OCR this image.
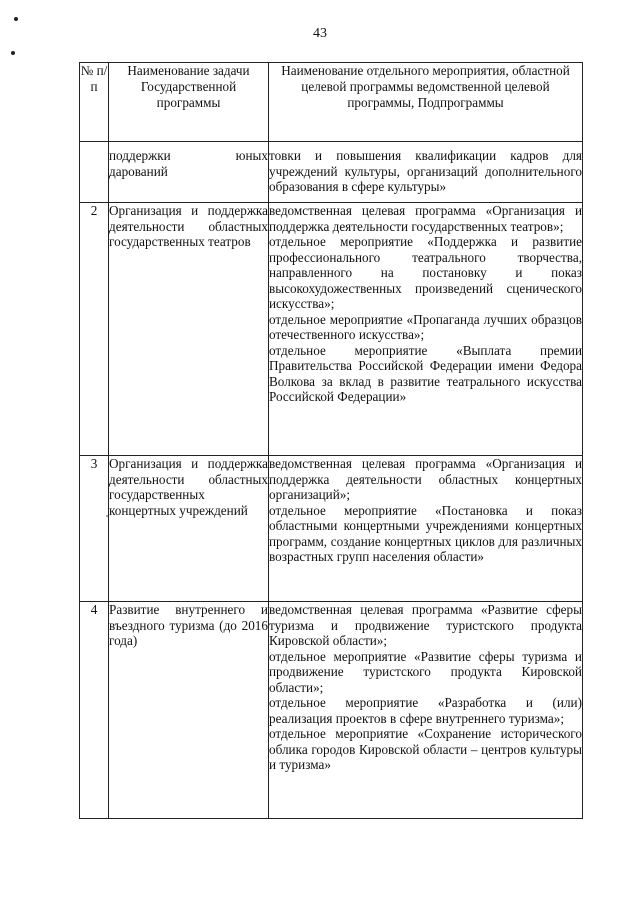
43
№ п/п	Наименование задачи Государственной программы	Наименование отдельного мероприятия, областной целевой программы ведомственной целевой программы, Подпрограммы
	поддержки юных дарований	товки и повышения квалификации кадров для учреждений культуры, организаций дополнительного образования в сфере культуры»

2	Организация и поддержка деятельности областных государственных театров	ведомственная целевая программа «Организация и поддержка деятельности государственных театров»;
отдельное мероприятие «Поддержка и развитие профессионального театрального творчества, направленного на постановку и показ высокохудожественных произведений сценического искусства»;
отдельное мероприятие «Пропаганда лучших образцов отечественного искусства»;
отдельное мероприятие «Выплата премии Правительства Российской Федерации имени Федора Волкова за вклад в развитие театрального искусства Российской Федерации»

3	Организация и поддержка деятельности областных государственных концертных учреждений	ведомственная целевая программа «Организация и поддержка деятельности областных концертных организаций»;
отдельное мероприятие «Постановка и показ областными концертными учреждениями концертных программ, создание концертных циклов для различных возрастных групп населения области»

4	Развитие внутреннего и въездного туризма (до 2016 года)	ведомственная целевая программа «Развитие сферы туризма и продвижение туристского продукта Кировской области»;
отдельное мероприятие «Развитие сферы туризма и продвижение туристского продукта Кировской области»;
отдельное мероприятие «Разработка и (или) реализация проектов в сфере внутреннего туризма»;
отдельное мероприятие «Сохранение исторического облика городов Кировской области – центров культуры и туризма»
